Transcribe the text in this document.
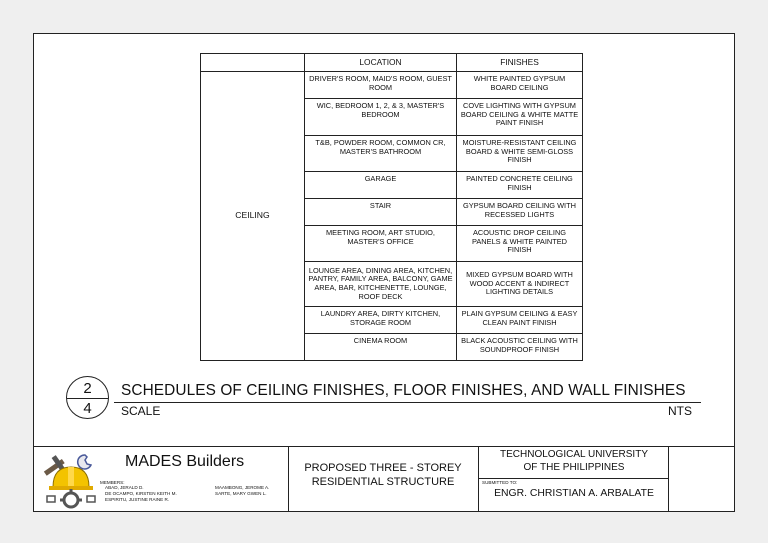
	LOCATION	FINISHES
CEILING	DRIVER'S ROOM, MAID'S ROOM, GUEST ROOM	WHITE PAINTED GYPSUM BOARD CEILING
	WIC, BEDROOM 1, 2, & 3, MASTER'S BEDROOM	COVE LIGHTING WITH GYPSUM BOARD CEILING & WHITE MATTE PAINT FINISH
	T&B, POWDER ROOM, COMMON CR, MASTER'S BATHROOM	MOISTURE-RESISTANT CEILING BOARD & WHITE SEMI-GLOSS FINISH
	GARAGE	PAINTED CONCRETE CEILING FINISH
	STAIR	GYPSUM BOARD CEILING WITH RECESSED LIGHTS
	MEETING ROOM, ART STUDIO, MASTER'S OFFICE	ACOUSTIC DROP CEILING PANELS & WHITE PAINTED FINISH
	LOUNGE AREA, DINING AREA, KITCHEN, PANTRY, FAMILY AREA, BALCONY, GAME AREA, BAR, KITCHENETTE, LOUNGE, ROOF DECK	MIXED GYPSUM BOARD WITH WOOD ACCENT & INDIRECT LIGHTING DETAILS
	LAUNDRY AREA, DIRTY KITCHEN, STORAGE ROOM	PLAIN GYPSUM CEILING & EASY CLEAN PAINT FINISH
	CINEMA ROOM	BLACK ACOUSTIC CEILING WITH SOUNDPROOF FINISH
2
4
SCHEDULES OF CEILING FINISHES, FLOOR FINISHES, AND WALL FINISHES
SCALE	NTS
MADES Builders
MEMBERS:
ABAD, JERALD D.
DE OCAMPO, KIRSTEN KEITH M.
ESPIRITU, JUSTINE RAINE R.
MAAMBONG, JEROME A.
SARTE, MARY GWEN L.
PROPOSED THREE - STOREY
RESIDENTIAL STRUCTURE
TECHNOLOGICAL UNIVERSITY
OF THE PHILIPPINES
SUBMITTED TO:
ENGR. CHRISTIAN A. ARBALATE
